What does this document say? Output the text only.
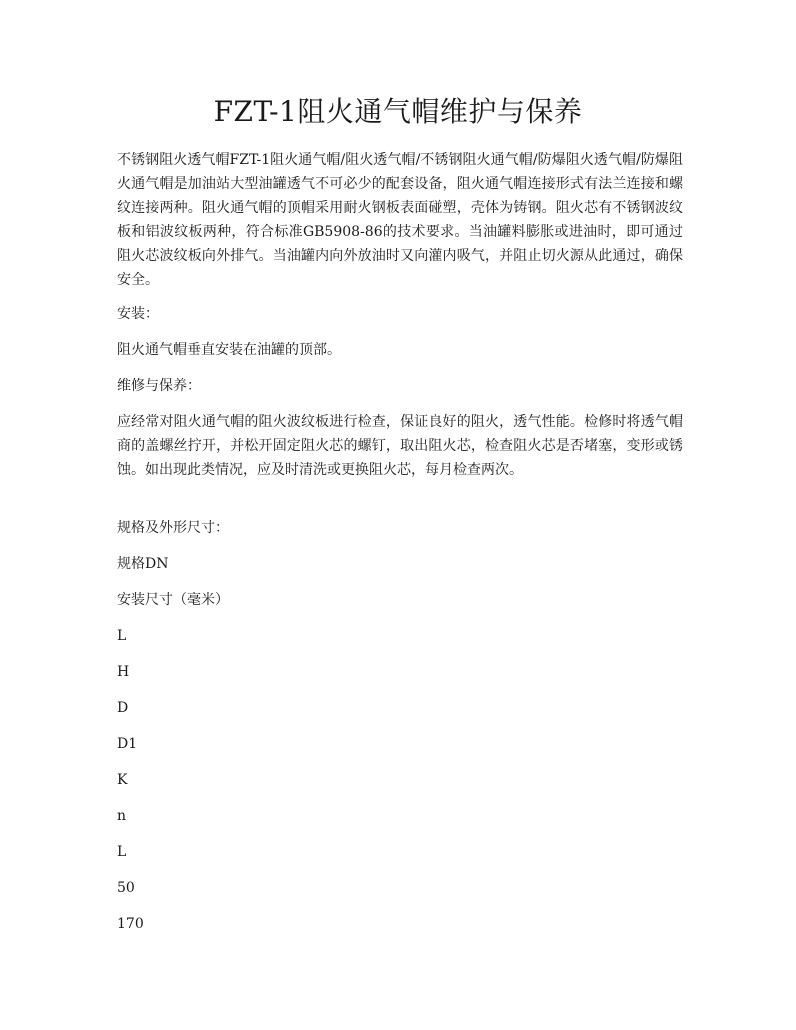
FZT-1阻火通气帽维护与保养

不锈钢阻火透气帽FZT-1阻火通气帽/阻火透气帽/不锈钢阻火通气帽/防爆阻火透气帽/防爆阻火通气帽是加油站大型油罐透气不可必少的配套设备，阻火通气帽连接形式有法兰连接和螺纹连接两种。阻火通气帽的顶帽采用耐火钢板表面碰塑，壳体为铸钢。阻火芯有不锈钢波纹板和铝波纹板两种，符合标准GB5908-86的技术要求。当油罐料膨胀或进油时，即可通过阻火芯波纹板向外排气。当油罐内向外放油时又向灌内吸气，并阻止切火源从此通过，确保安全。

安装：

阻火通气帽垂直安装在油罐的顶部。

维修与保养：

应经常对阻火通气帽的阻火波纹板进行检查，保证良好的阻火，透气性能。检修时将透气帽商的盖螺丝拧开，并松开固定阻火芯的螺钉，取出阻火芯，检查阻火芯是否堵塞，变形或锈蚀。如出现此类情况，应及时清洗或更换阻火芯，每月检查两次。

规格及外形尺寸：

规格DN

安装尺寸（毫米）

L

H

D

D1

K

n

L

50

170
